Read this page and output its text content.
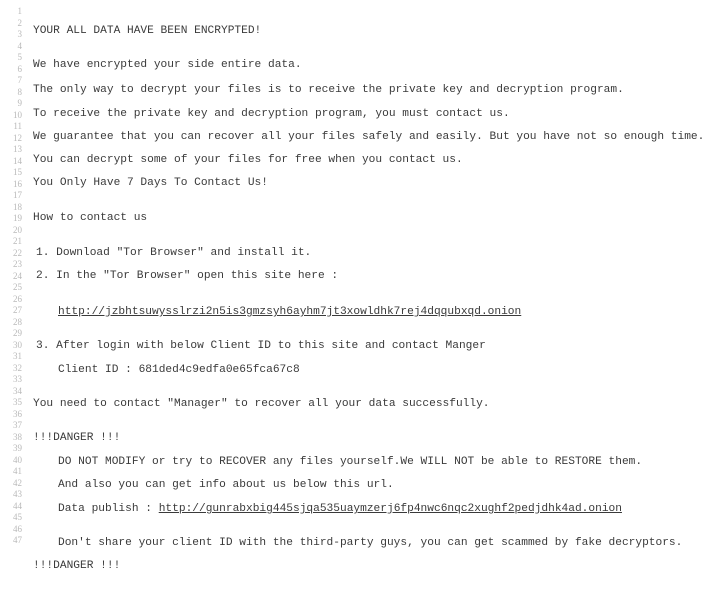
1
2
3
4
5
6
7
8
9
10
11
12
13
14
15
16
17
18
19
20
21
22
23
24
25
26
27
28
29
30
31
32
33
34
35
36
37
38
39
40
41
42
43
44
45
46
47

YOUR ALL DATA HAVE BEEN ENCRYPTED!

We have encrypted your side entire data.

The only way to decrypt your files is to receive the private key and decryption program.

To receive the private key and decryption program, you must contact us.

We guarantee that you can recover all your files safely and easily. But you have not so enough time.

You can decrypt some of your files for free when you contact us.

You Only Have 7 Days To Contact Us!

How to contact us

1. Download "Tor Browser" and install it.

2. In the "Tor Browser" open this site here :

http://jzbhtsuwysslrzi2n5is3gmzsyh6ayhm7jt3xowldhk7rej4dqqubxqd.onion

3. After login with below Client ID to this site and contact Manger

Client ID : 681ded4c9edfa0e65fca67c8

You need to contact "Manager" to recover all your data successfully.

!!!DANGER !!!

DO NOT MODIFY or try to RECOVER any files yourself.We WILL NOT be able to RESTORE them.

And also you can get info about us below this url.

Data publish : http://gunrabxbig445sjqa535uaymzerj6fp4nwc6nqc2xughf2pedjdhk4ad.onion

Don't share your client ID with the third-party guys, you can get scammed by fake decryptors.

!!!DANGER !!!
